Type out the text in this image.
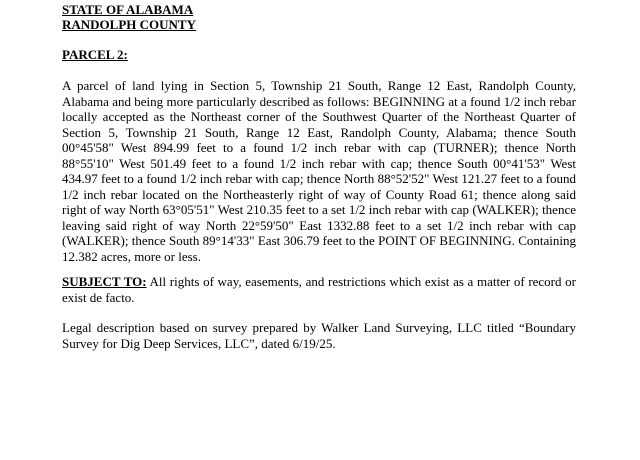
STATE OF ALABAMA
RANDOLPH COUNTY
PARCEL 2:

A parcel of land lying in Section 5, Township 21 South, Range 12 East, Randolph County, Alabama and being more particularly described as follows: BEGINNING at a found 1/2 inch rebar locally accepted as the Northeast corner of the Southwest Quarter of the Northeast Quarter of Section 5, Township 21 South, Range 12 East, Randolph County, Alabama; thence South 00°45'58" West 894.99 feet to a found 1/2 inch rebar with cap (TURNER); thence North 88°55'10" West 501.49 feet to a found 1/2 inch rebar with cap; thence South 00°41'53" West 434.97 feet to a found 1/2 inch rebar with cap; thence North 88°52'52" West 121.27 feet to a found 1/2 inch rebar located on the Northeasterly right of way of County Road 61; thence along said right of way North 63°05'51" West 210.35 feet to a set 1/2 inch rebar with cap (WALKER); thence leaving said right of way North 22°59'50" East 1332.88 feet to a set 1/2 inch rebar with cap (WALKER); thence South 89°14'33" East 306.79 feet to the POINT OF BEGINNING. Containing 12.382 acres, more or less.

SUBJECT TO: All rights of way, easements, and restrictions which exist as a matter of record or exist de facto.

Legal description based on survey prepared by Walker Land Surveying, LLC titled “Boundary Survey for Dig Deep Services, LLC”, dated 6/19/25.
